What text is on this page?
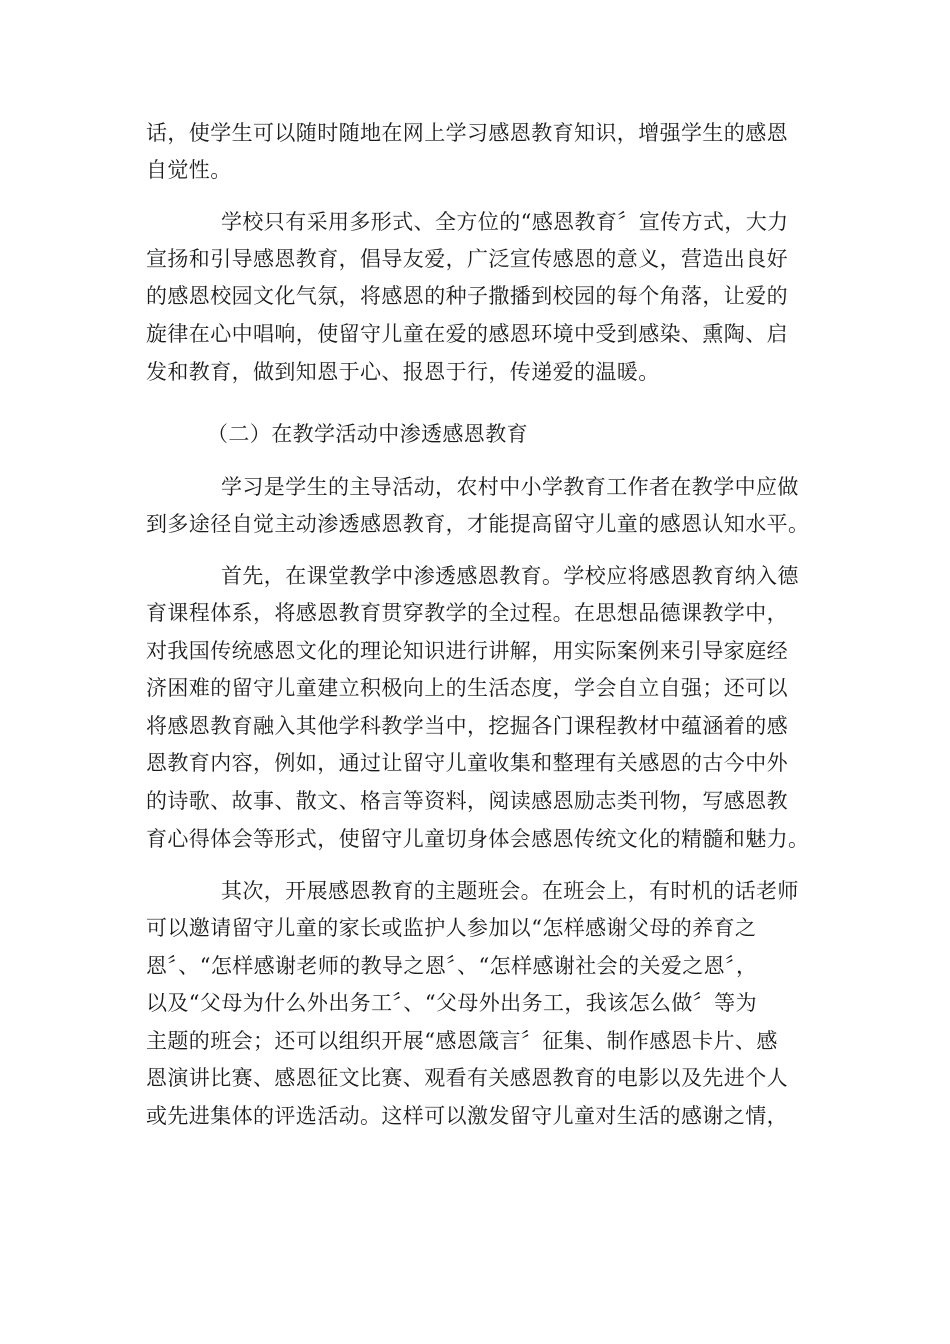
话，使学生可以随时随地在网上学习感恩教育知识，增强学生的感恩
自觉性。
学校只有采用多形式、全方位的“感恩教育〞宣传方式，大力
宣扬和引导感恩教育，倡导友爱，广泛宣传感恩的意义，营造出良好
的感恩校园文化气氛，将感恩的种子撒播到校园的每个角落，让爱的
旋律在心中唱响，使留守儿童在爱的感恩环境中受到感染、熏陶、启
发和教育，做到知恩于心、报恩于行，传递爱的温暖。
（二）在教学活动中渗透感恩教育
学习是学生的主导活动，农村中小学教育工作者在教学中应做
到多途径自觉主动渗透感恩教育，才能提高留守儿童的感恩认知水平。
首先，在课堂教学中渗透感恩教育。学校应将感恩教育纳入德
育课程体系，将感恩教育贯穿教学的全过程。在思想品德课教学中，
对我国传统感恩文化的理论知识进行讲解，用实际案例来引导家庭经
济困难的留守儿童建立积极向上的生活态度，学会自立自强；还可以
将感恩教育融入其他学科教学当中，挖掘各门课程教材中蕴涵着的感
恩教育内容，例如，通过让留守儿童收集和整理有关感恩的古今中外
的诗歌、故事、散文、格言等资料，阅读感恩励志类刊物，写感恩教
育心得体会等形式，使留守儿童切身体会感恩传统文化的精髓和魅力。
其次，开展感恩教育的主题班会。在班会上，有时机的话老师
可以邀请留守儿童的家长或监护人参加以“怎样感谢父母的养育之
恩〞、“怎样感谢老师的教导之恩〞、“怎样感谢社会的关爱之恩〞，
以及“父母为什么外出务工〞、“父母外出务工，我该怎么做〞等为
主题的班会；还可以组织开展“感恩箴言〞征集、制作感恩卡片、感
恩演讲比赛、感恩征文比赛、观看有关感恩教育的电影以及先进个人
或先进集体的评选活动。这样可以激发留守儿童对生活的感谢之情，
